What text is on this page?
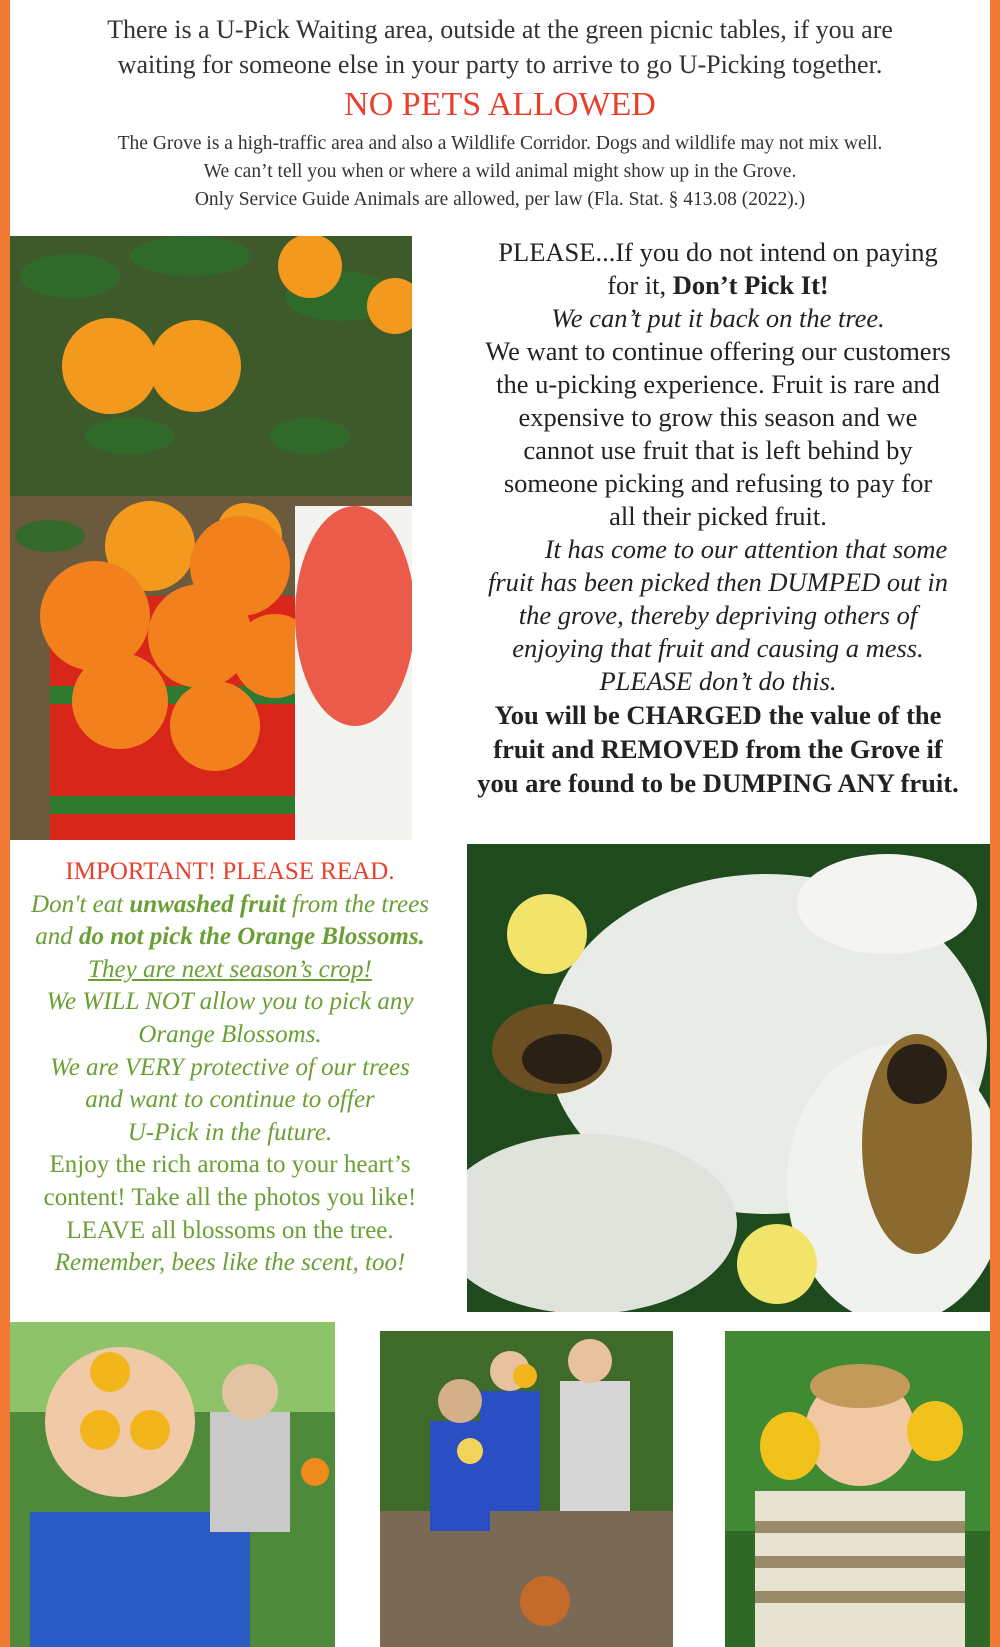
There is a U-Pick Waiting area, outside at the green picnic tables, if you are

waiting for someone else in your party to arrive to go U-Picking together.

NO PETS ALLOWED

The Grove is a high-traffic area and also a Wildlife Corridor. Dogs and wildlife may not mix well.

We can’t tell you when or where a wild animal might show up in the Grove.

Only Service Guide Animals are allowed, per law (Fla. Stat. § 413.08 (2022).)

PLEASE...If you do not intend on paying

for it, Don’t Pick It!

We can’t put it back on the tree.

We want to continue offering our customers

the u-picking experience. Fruit is rare and

expensive to grow this season and we

cannot use fruit that is left behind by

someone picking and refusing to pay for

all their picked fruit.

It has come to our attention that some

fruit has been picked then DUMPED out in

the grove, thereby depriving others of

enjoying that fruit and causing a mess.

PLEASE don’t do this.

You will be CHARGED the value of the

fruit and REMOVED from the Grove if

you are found to be DUMPING ANY fruit.

IMPORTANT! PLEASE READ.

Don't eat unwashed fruit from the trees

and do not pick the Orange Blossoms.

They are next season’s crop!

We WILL NOT allow you to pick any

Orange Blossoms.

We are VERY protective of our trees

and want to continue to offer

U-Pick in the future.

Enjoy the rich aroma to your heart’s

content! Take all the photos you like!

LEAVE all blossoms on the tree.

Remember, bees like the scent, too!
